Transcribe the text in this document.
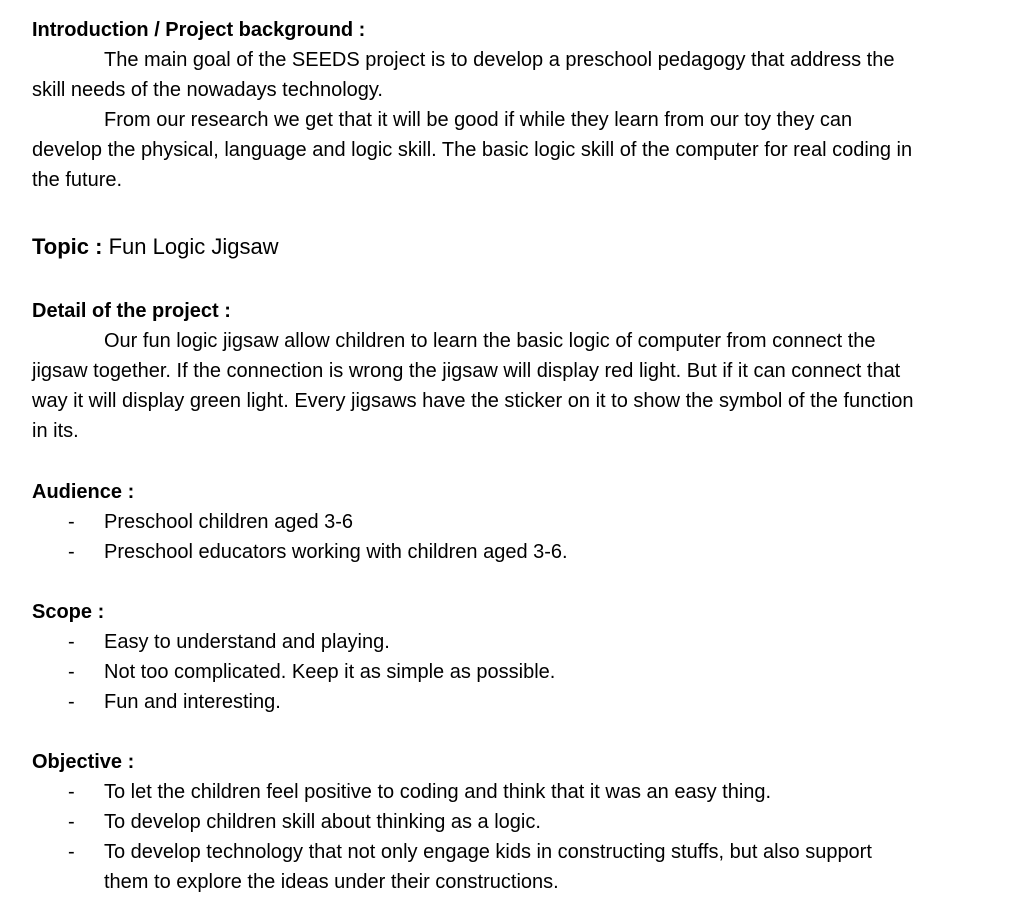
Introduction / Project background :
The main goal of the SEEDS project is to develop a preschool pedagogy that address the
skill needs of the nowadays technology.
From our research we get that it will be good if while they learn from our toy they can
develop the physical, language and logic skill. The basic logic skill of the computer for real coding in
the future.
Topic : Fun Logic Jigsaw
Detail of the project :
Our fun logic jigsaw allow children to learn the basic logic of computer from connect the
jigsaw together. If the connection is wrong the jigsaw will display red light. But if it can connect that
way it will display green light. Every jigsaws have the sticker on it to show the symbol of the function
in its.
Audience :
- Preschool children aged 3-6
- Preschool educators working with children aged 3-6.
Scope :
- Easy to understand and playing.
- Not too complicated. Keep it as simple as possible.
- Fun and interesting.
Objective :
- To let the children feel positive to coding and think that it was an easy thing.
- To develop children skill about thinking as a logic.
- To develop technology that not only engage kids in constructing stuffs, but also support
them to explore the ideas under their constructions.
